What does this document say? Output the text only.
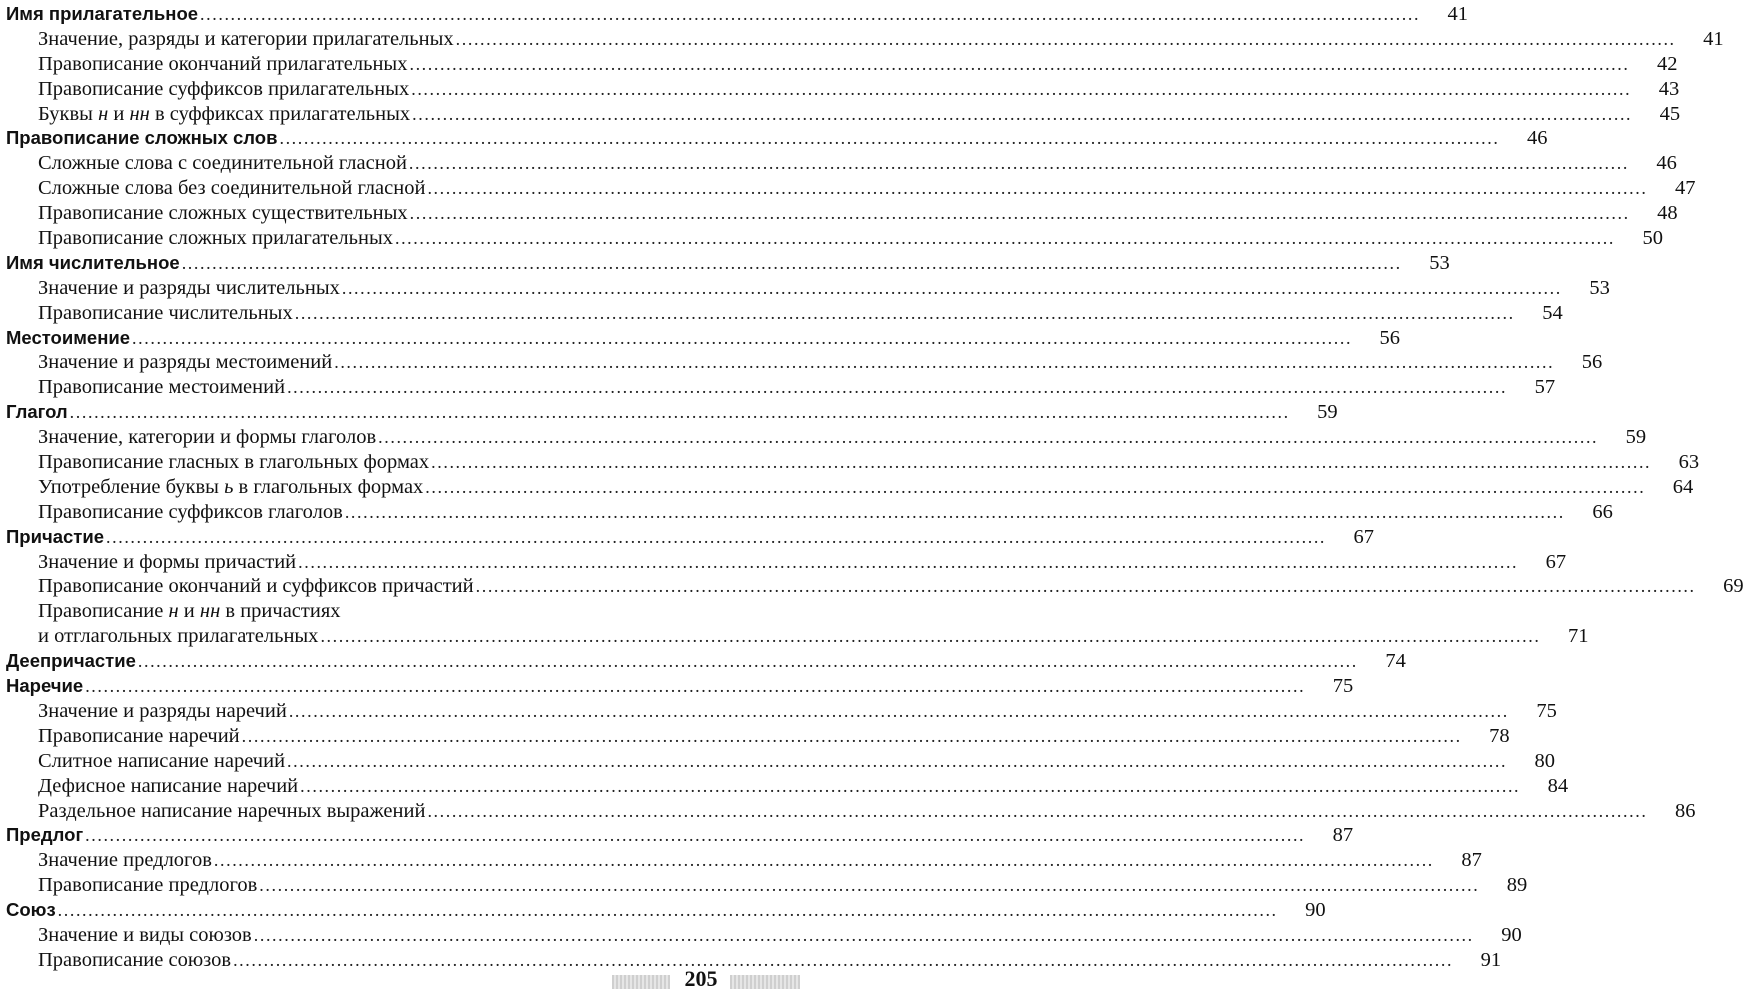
Имя прилагательное ........................................................................................................................................................................................................	41
Значение, разряды и категории прилагательных ........................................................................................................................................................................................................	41
Правописание окончаний прилагательных ........................................................................................................................................................................................................	42
Правописание суффиксов прилагательных ........................................................................................................................................................................................................	43
Буквы н и нн в суффиксах прилагательных ........................................................................................................................................................................................................	45
Правописание сложных слов ........................................................................................................................................................................................................	46
Сложные слова с соединительной гласной ........................................................................................................................................................................................................	46
Сложные слова без соединительной гласной ........................................................................................................................................................................................................	47
Правописание сложных существительных ........................................................................................................................................................................................................	48
Правописание сложных прилагательных ........................................................................................................................................................................................................	50
Имя числительное ........................................................................................................................................................................................................	53
Значение и разряды числительных ........................................................................................................................................................................................................	53
Правописание числительных ........................................................................................................................................................................................................	54
Местоимение ........................................................................................................................................................................................................	56
Значение и разряды местоимений ........................................................................................................................................................................................................	56
Правописание местоимений ........................................................................................................................................................................................................	57
Глагол ........................................................................................................................................................................................................	59
Значение, категории и формы глаголов ........................................................................................................................................................................................................	59
Правописание гласных в глагольных формах ........................................................................................................................................................................................................	63
Употребление буквы ь в глагольных формах ........................................................................................................................................................................................................	64
Правописание суффиксов глаголов ........................................................................................................................................................................................................	66
Причастие ........................................................................................................................................................................................................	67
Значение и формы причастий ........................................................................................................................................................................................................	67
Правописание окончаний и суффиксов причастий ........................................................................................................................................................................................................	69
Правописание н и нн в причастиях
и отглагольных прилагательных ........................................................................................................................................................................................................	71
Деепричастие ........................................................................................................................................................................................................	74
Наречие ........................................................................................................................................................................................................	75
Значение и разряды наречий ........................................................................................................................................................................................................	75
Правописание наречий ........................................................................................................................................................................................................	78
Слитное написание наречий ........................................................................................................................................................................................................	80
Дефисное написание наречий ........................................................................................................................................................................................................	84
Раздельное написание наречных выражений ........................................................................................................................................................................................................	86
Предлог ........................................................................................................................................................................................................	87
Значение предлогов ........................................................................................................................................................................................................	87
Правописание предлогов ........................................................................................................................................................................................................	89
Союз ........................................................................................................................................................................................................	90
Значение и виды союзов ........................................................................................................................................................................................................	90
Правописание союзов ........................................................................................................................................................................................................	91
205
